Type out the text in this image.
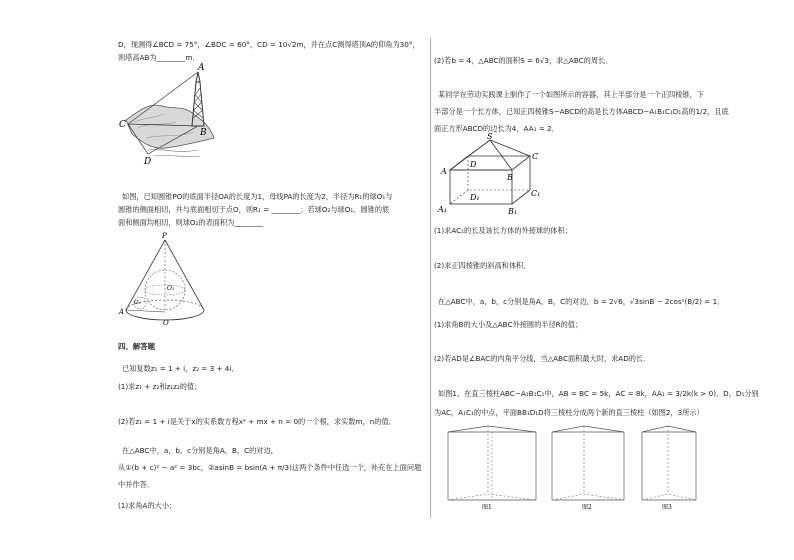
D，现测得∠BCD = 75°，∠BDC = 60°，CD = 10√2m，并在点C测得塔顶A的仰角为30°，
则塔高AB为________m．
A
B
C
D
如图，已知圆锥PO的底面半径OA的长度为1，母线PA的长度为2，半径为R₁的球O₁与
圆锥的侧面相切，并与底面相切于点O，则R₁ = ________；若球O₂与球O₁、圆锥的底
面和侧面均相切，则球O₂的表面积为________
P
O₁
O₂
A
O
四、解答题
已知复数z₁ = 1 + i，z₂ = 3 + 4i．
(1)求z₁ + z₂和z₁z₂的值；
(2)若z₁ = 1 + i是关于x的实系数方程x² + mx + n = 0的一个根，求实数m，n的值．
在△ABC中，a，b，c分别是角A，B，C的对边，
从①(b + c)² − a² = 3bc，②asinB = bsin(A + π/3)这两个条件中任选一个，补充在上面问题
中并作答．
(1)求角A的大小；
(2)若b = 4，△ABC的面积S = 6√3，求△ABC的周长．
某同学在劳动实践课上制作了一个如图所示的容器，其上半部分是一个正四棱锥，下
半部分是一个长方体，已知正四棱锥S−ABCD的高是长方体ABCD−A₁B₁C₁D₁高的1/2，且底
面正方形ABCD的边长为4，AA₁ = 2．
S
A
B
C
D
A₁	B₁
C₁
D₁
(1)求AC₁的长及该长方体的外接球的体积；
(2)求正四棱锥的斜高和体积．
在△ABC中，a，b，c分别是角A，B，C的对边，b = 2√6，√3sinB − 2cos²(B/2) = 1．
(1)求角B的大小及△ABC外接圆的半径R的值；
(2)若AD是∠BAC的内角平分线，当△ABC面积最大时，求AD的长．
如图1，在直三棱柱ABC−A₁B₁C₁中，AB = BC = 5k，AC = 8k，AA₁ = 3/2k(k > 0)，D，D₁分别
为AC，A₁C₁的中点，平面BB₁D₁D将三棱柱分成两个新的直三棱柱（如图2，3所示）
图1	图2	图3
